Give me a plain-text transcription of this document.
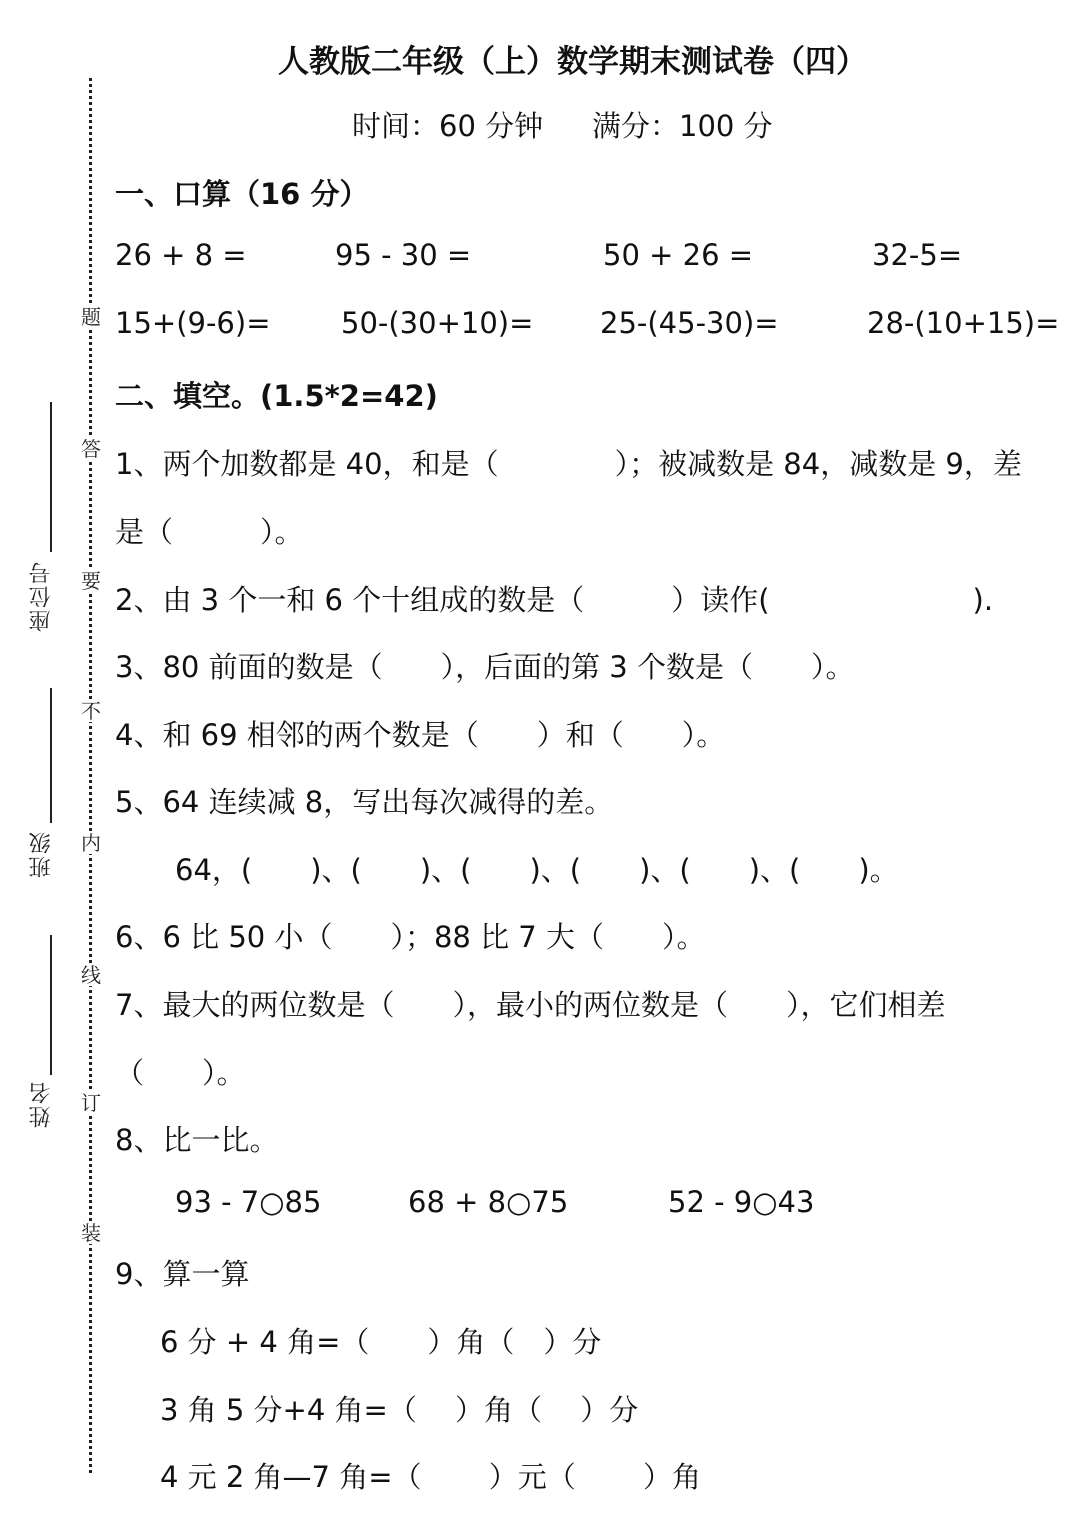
题
答
要
不
内
线
订
装
座位号
班级
姓名
人教版二年级（上）数学期末测试卷（四）
时间：60 分钟 满分：100 分
一、口算（16 分）
26 + 8 =	95 - 30 =	50 + 26 =	32-5=
15+(9-6)= 50-(30+10)= 25-(45-30)=	28-(10+15)=
二、填空。(1.5*2=42)
1、两个加数都是 40，和是（　　　　）；被减数是 84，减数是 9，差
是（　　　）。
2、由 3 个一和 6 个十组成的数是（　　　）读作(　　　　　　　).
3、80 前面的数是（　　），后面的第 3 个数是（　　）。
4、和 69 相邻的两个数是（　　）和（　　）。
5、64 连续减 8，写出每次减得的差。
64，(　　)、(　　)、(　　)、(　　)、(　　)、(　　)。
6、6 比 50 小（　　）；88 比 7 大（　　）。
7、最大的两位数是（　　），最小的两位数是（　　），它们相差
（　　）。
8、比一比。
93 - 7○85	68 + 8○75	52 - 9○43
9、算一算
6 分 + 4 角=（　　）角（　）分
3 角 5 分+4 角=（　 ）角（　 ）分
4 元 2 角—7 角=（　　 ）元（　　 ）角
